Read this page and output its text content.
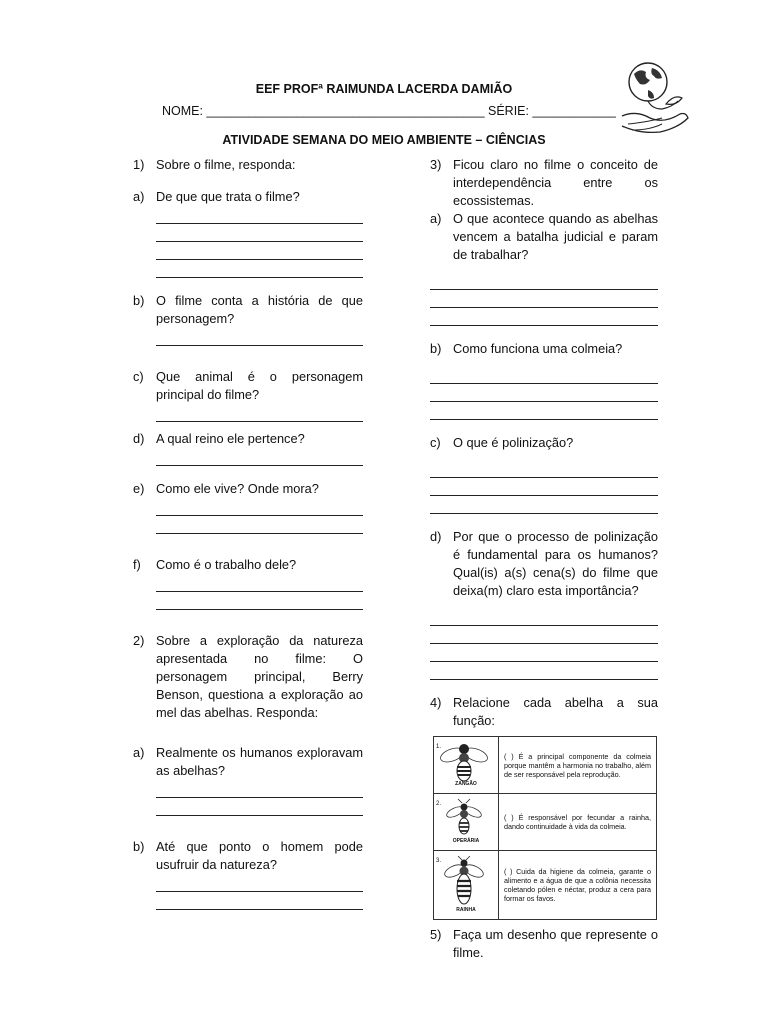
EEF PROFª RAIMUNDA LACERDA DAMIÃO
NOME: ________________________________________ SÉRIE: ____________
ATIVIDADE SEMANA DO MEIO AMBIENTE – CIÊNCIAS
1) Sobre o filme, responda:
a) De que que trata o filme?
b) O filme conta a história de que personagem?
c) Que animal é o personagem principal do filme?
d) A qual reino ele pertence?
e) Como ele vive? Onde mora?
f) Como é o trabalho dele?
2) Sobre a exploração da natureza apresentada no filme: O personagem principal, Berry Benson, questiona a exploração ao mel das abelhas. Responda:
a) Realmente os humanos exploravam as abelhas?
b) Até que ponto o homem pode usufruir da natureza?
3) Ficou claro no filme o conceito de interdependência entre os ecossistemas.
a) O que acontece quando as abelhas vencem a batalha judicial e param de trabalhar?
b) Como funciona uma colmeia?
c) O que é polinização?
d) Por que o processo de polinização é fundamental para os humanos? Qual(is) a(s) cena(s) do filme que deixa(m) claro esta importância?
4) Relacione cada abelha a sua função:
1.
ZANGÃO	( ) É a principal componente da colmeia porque mantêm a harmonia no trabalho, além de ser responsável pela reprodução.

2.
OPERÁRIA	( ) É responsável por fecundar a rainha, dando continuidade à vida da colmeia.

3.
RAINHA	( ) Cuida da higiene da colmeia, garante o alimento e a água de que a colônia necessita coletando pólen e néctar, produz a cera para formar os favos.
5) Faça um desenho que represente o filme.
